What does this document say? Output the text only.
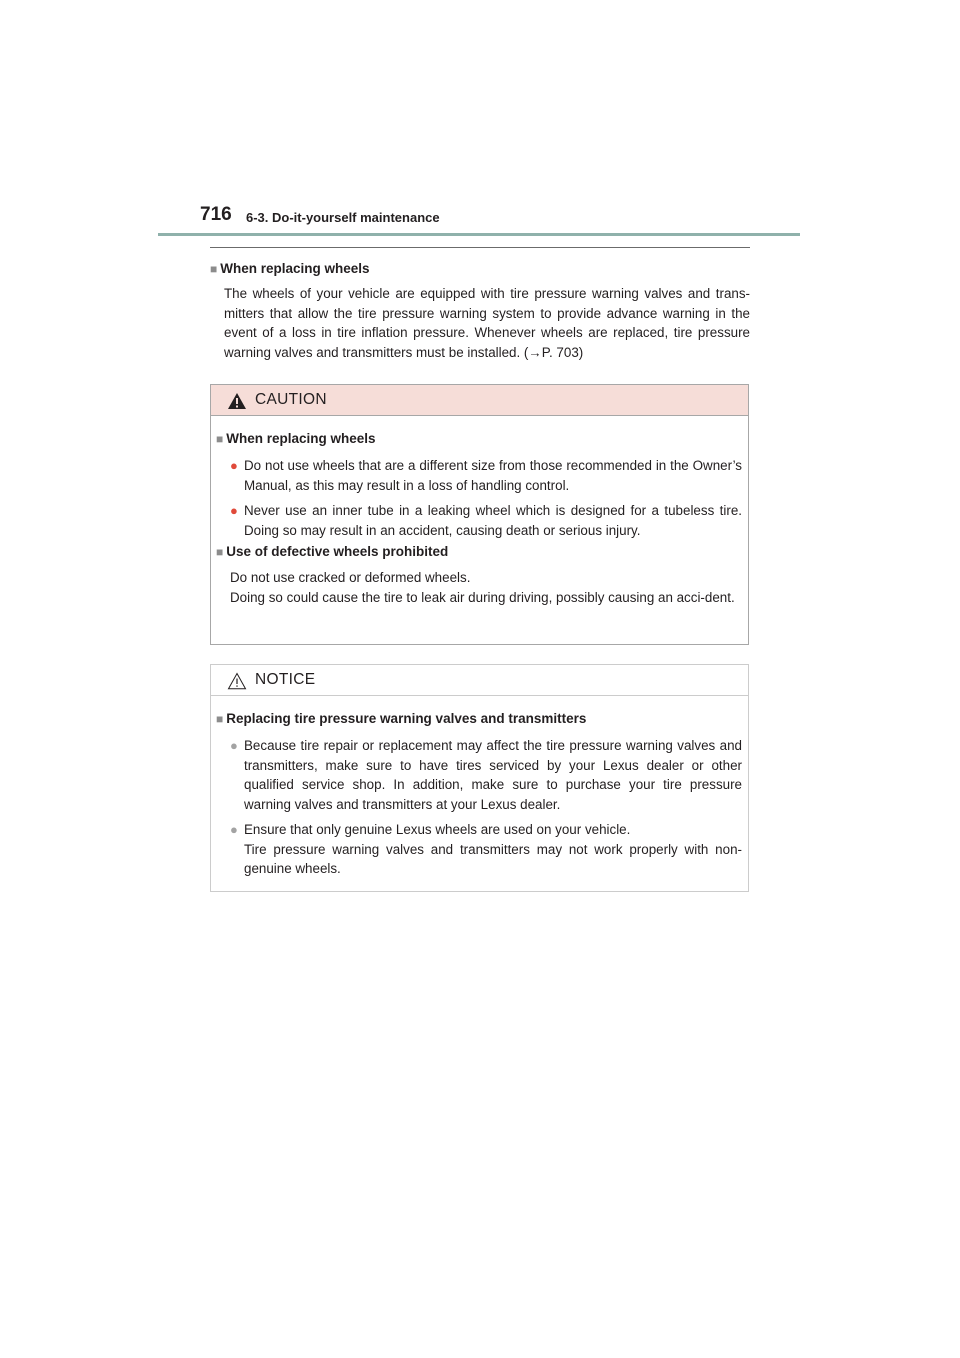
716 6-3. Do-it-yourself maintenance
■ When replacing wheels
The wheels of your vehicle are equipped with tire pressure warning valves and trans-mitters that allow the tire pressure warning system to provide advance warning in the event of a loss in tire inflation pressure. Whenever wheels are replaced, tire pressure warning valves and transmitters must be installed. (→P. 703)
CAUTION
■ When replacing wheels
● Do not use wheels that are a different size from those recommended in the Owner’s Manual, as this may result in a loss of handling control.
● Never use an inner tube in a leaking wheel which is designed for a tubeless tire. Doing so may result in an accident, causing death or serious injury.
■ Use of defective wheels prohibited
Do not use cracked or deformed wheels.
Doing so could cause the tire to leak air during driving, possibly causing an acci-dent.
NOTICE
■ Replacing tire pressure warning valves and transmitters
● Because tire repair or replacement may affect the tire pressure warning valves and transmitters, make sure to have tires serviced by your Lexus dealer or other qualified service shop. In addition, make sure to purchase your tire pressure warning valves and transmitters at your Lexus dealer.
● Ensure that only genuine Lexus wheels are used on your vehicle.
Tire pressure warning valves and transmitters may not work properly with non-genuine wheels.
